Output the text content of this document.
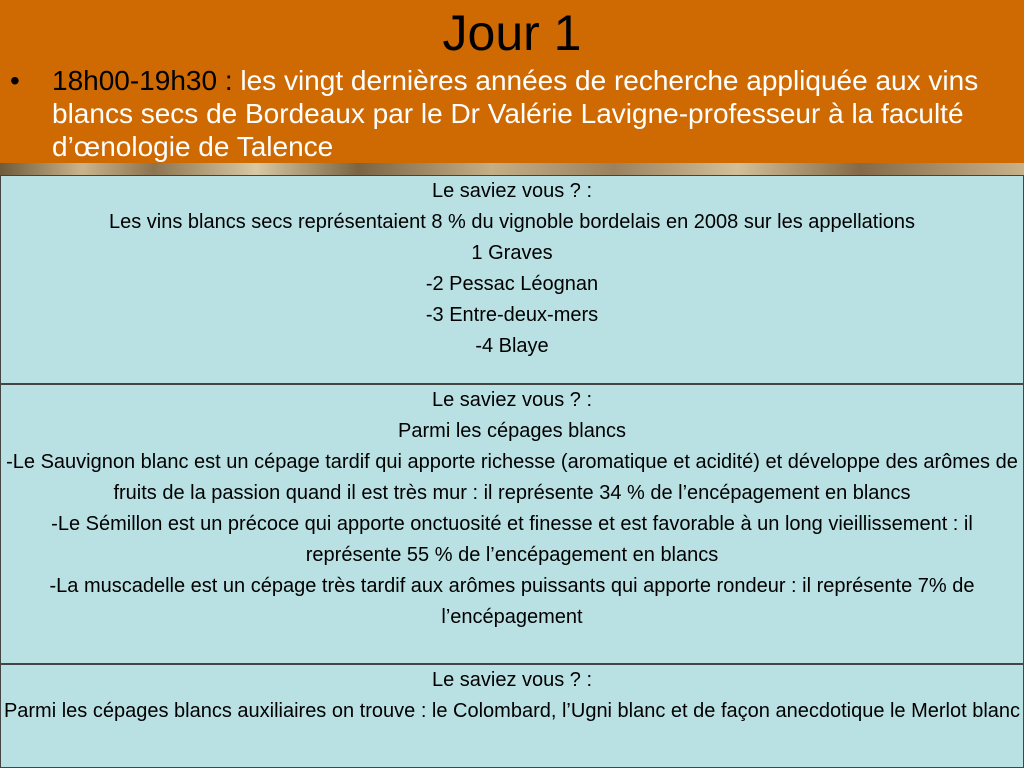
Jour 1
• 18h00-19h30 : les vingt dernières années de recherche appliquée aux vins blancs secs de Bordeaux par le Dr Valérie Lavigne-professeur à la faculté d’œnologie de Talence
Le saviez vous ? :
Les vins blancs secs représentaient 8 % du vignoble bordelais en 2008 sur les appellations
1 Graves
-2 Pessac Léognan
-3 Entre-deux-mers
-4 Blaye
Le saviez vous ? :
Parmi les cépages blancs
-Le Sauvignon blanc est un cépage tardif qui apporte richesse (aromatique et acidité) et développe des arômes de fruits de la passion quand il est très mur : il représente 34 % de l’encépagement en blancs
-Le Sémillon est un précoce qui apporte onctuosité et finesse et est favorable à un long vieillissement : il représente 55 % de l’encépagement en blancs
-La muscadelle est un cépage très tardif aux arômes puissants qui apporte rondeur : il représente 7% de l’encépagement
Le saviez vous ? :
Parmi les cépages blancs auxiliaires on trouve : le Colombard, l’Ugni blanc et de façon anecdotique le Merlot blanc
